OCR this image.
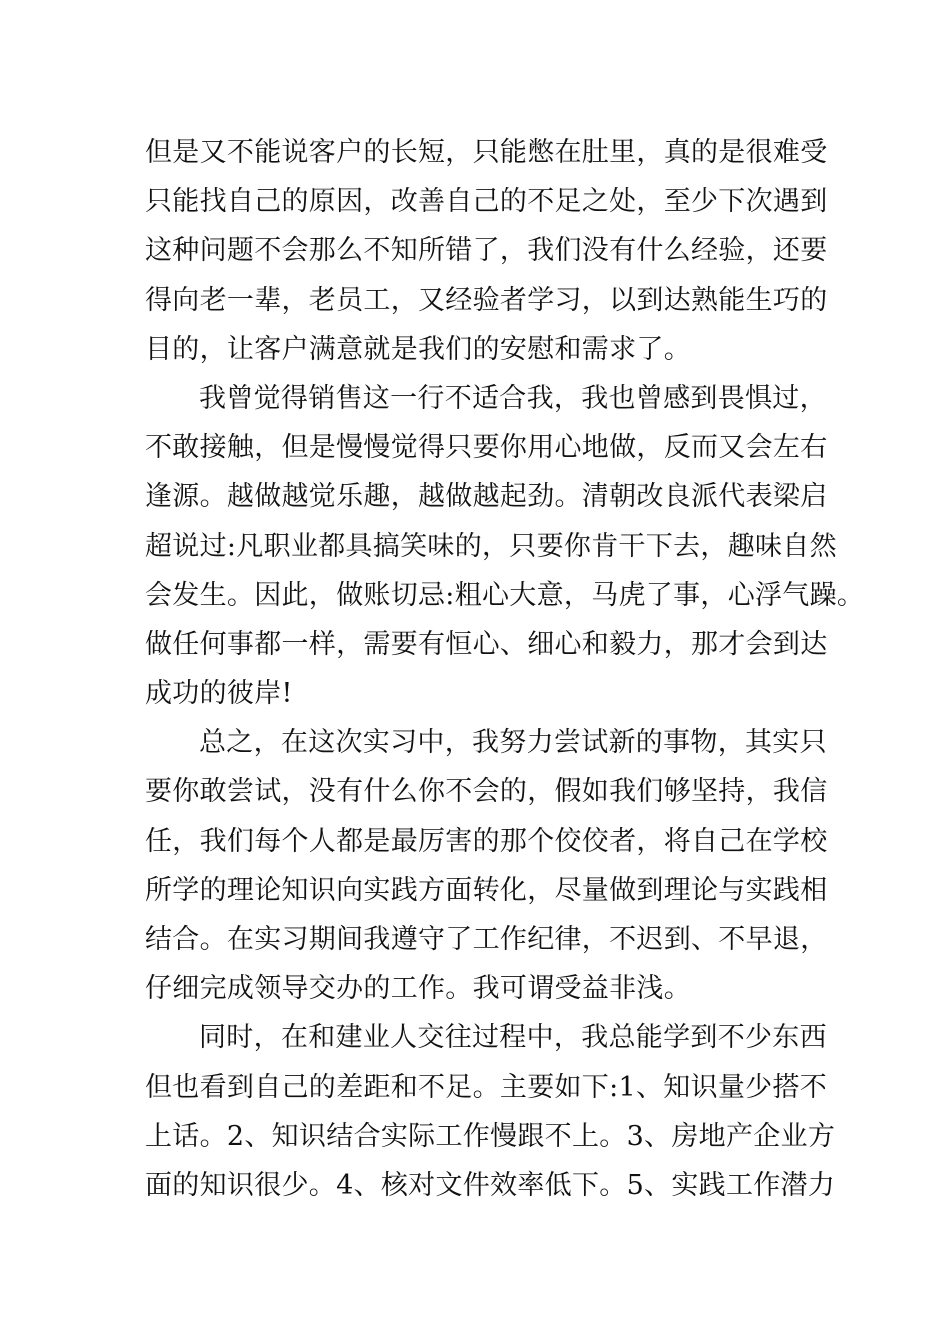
但是又不能说客户的长短，只能憋在肚里，真的是很难受
只能找自己的原因，改善自己的不足之处，至少下次遇到
这种问题不会那么不知所错了，我们没有什么经验，还要
得向老一辈，老员工，又经验者学习，以到达熟能生巧的
目的，让客户满意就是我们的安慰和需求了。
我曾觉得销售这一行不适合我，我也曾感到畏惧过，
不敢接触，但是慢慢觉得只要你用心地做，反而又会左右
逢源。越做越觉乐趣，越做越起劲。清朝改良派代表梁启
超说过:凡职业都具搞笑味的，只要你肯干下去，趣味自然
会发生。因此，做账切忌:粗心大意，马虎了事，心浮气躁。
做任何事都一样，需要有恒心、细心和毅力，那才会到达
成功的彼岸!
总之，在这次实习中，我努力尝试新的事物，其实只
要你敢尝试，没有什么你不会的，假如我们够坚持，我信
任，我们每个人都是最厉害的那个佼佼者，将自己在学校
所学的理论知识向实践方面转化，尽量做到理论与实践相
结合。在实习期间我遵守了工作纪律，不迟到、不早退，
仔细完成领导交办的工作。我可谓受益非浅。
同时，在和建业人交往过程中，我总能学到不少东西
但也看到自己的差距和不足。主要如下:1、知识量少搭不
上话。2、知识结合实际工作慢跟不上。3、房地产企业方
面的知识很少。4、核对文件效率低下。5、实践工作潜力
